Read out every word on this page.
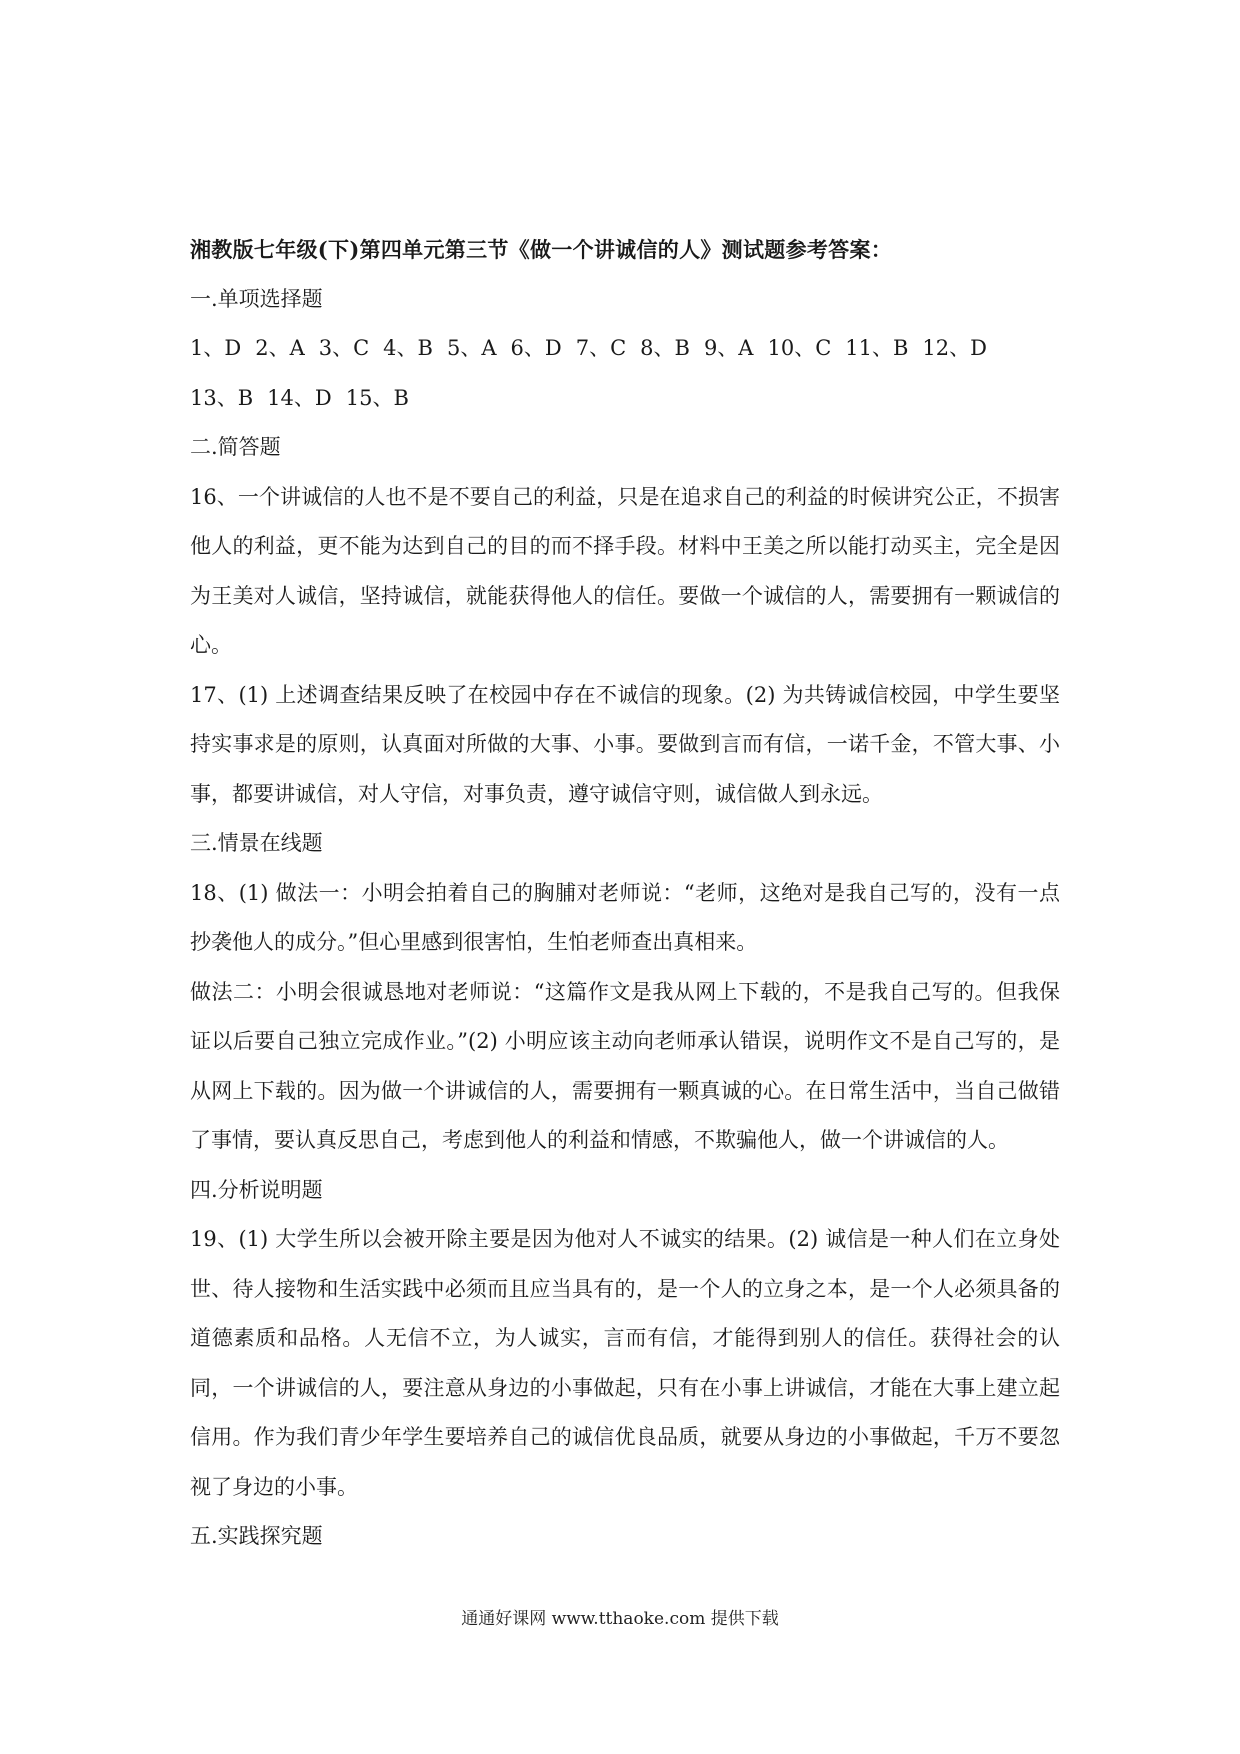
湘教版七年级(下)第四单元第三节《做一个讲诚信的人》测试题参考答案：
一.单项选择题
1、D 2、A 3、C 4、B 5、A 6、D 7、C 8、B 9、A 10、C 11、B 12、D
13、B 14、D 15、B
二.简答题
16、一个讲诚信的人也不是不要自己的利益，只是在追求自己的利益的时候讲究公正，不损害他人的利益，更不能为达到自己的目的而不择手段。材料中王美之所以能打动买主，完全是因为王美对人诚信，坚持诚信，就能获得他人的信任。要做一个诚信的人，需要拥有一颗诚信的心。
17、(1) 上述调查结果反映了在校园中存在不诚信的现象。(2) 为共铸诚信校园，中学生要坚持实事求是的原则，认真面对所做的大事、小事。要做到言而有信，一诺千金，不管大事、小事，都要讲诚信，对人守信，对事负责，遵守诚信守则，诚信做人到永远。
三.情景在线题
18、(1) 做法一：小明会拍着自己的胸脯对老师说：“老师，这绝对是我自己写的，没有一点抄袭他人的成分。”但心里感到很害怕，生怕老师查出真相来。
做法二：小明会很诚恳地对老师说：“这篇作文是我从网上下载的，不是我自己写的。但我保证以后要自己独立完成作业。”(2) 小明应该主动向老师承认错误，说明作文不是自己写的，是从网上下载的。因为做一个讲诚信的人，需要拥有一颗真诚的心。在日常生活中，当自己做错了事情，要认真反思自己，考虑到他人的利益和情感，不欺骗他人，做一个讲诚信的人。
四.分析说明题
19、(1) 大学生所以会被开除主要是因为他对人不诚实的结果。(2) 诚信是一种人们在立身处世、待人接物和生活实践中必须而且应当具有的，是一个人的立身之本，是一个人必须具备的道德素质和品格。人无信不立，为人诚实，言而有信，才能得到别人的信任。获得社会的认同，一个讲诚信的人，要注意从身边的小事做起，只有在小事上讲诚信，才能在大事上建立起信用。作为我们青少年学生要培养自己的诚信优良品质，就要从身边的小事做起，千万不要忽视了身边的小事。
五.实践探究题
通通好课网 www.tthaoke.com 提供下载
